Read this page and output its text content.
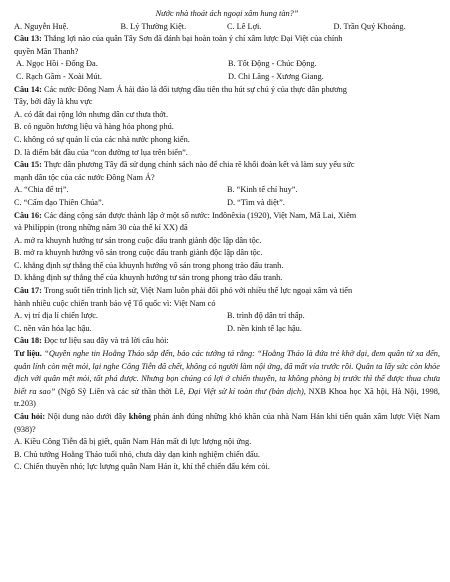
Nước nhà thoát ách ngoại xâm hung tàn?”
A. Nguyễn Huệ.	B. Lý Thường Kiệt.	C. Lê Lợi.	D. Trần Quý Khoáng.
Câu 13: Thắng lợi nào của quân Tây Sơn đã đánh bại hoàn toàn ý chí xâm lược Đại Việt của chính
quyền Mãn Thanh?
A. Ngọc Hồi - Đống Đa.	B. Tốt Động - Chúc Động.
C. Rạch Gầm - Xoài Mút.	D. Chi Lăng - Xương Giang.
Câu 14: Các nước Đông Nam Á hải đảo là đối tượng đầu tiên thu hút sự chú ý của thực dân phương
Tây, bởi đây là khu vực
A. có đất đai rộng lớn nhưng dân cư thưa thớt.
B. có nguồn hương liệu và hàng hóa phong phú.
C. không có sự quản lí của các nhà nước phong kiến.
D. là điểm bắt đầu của “con đường tơ lụa trên biển”.
Câu 15: Thực dân phương Tây đã sử dụng chính sách nào để chia rẽ khối đoàn kết và làm suy yếu sức
mạnh dân tộc của các nước Đông Nam Á?
A. “Chia để trị”.	B. “Kinh tế chỉ huy”.
C. “Cấm đạo Thiên Chúa”.	D. “Tìm và diệt”.
Câu 16: Các đảng cộng sản được thành lập ở một số nước: Inđônêxia (1920), Việt Nam, Mã Lai, Xiêm
và Philíppin (trong những năm 30 của thế kỉ XX) đã
A. mở ra khuynh hướng tư sản trong cuộc đấu tranh giành độc lập dân tộc.
B. mở ra khuynh hướng vô sản trong cuộc đấu tranh giành độc lập dân tộc.
C. khẳng định sự thắng thế của khuynh hướng vô sản trong phong trào đấu tranh.
D. khẳng định sự thắng thế của khuynh hướng tư sản trong phong trào đấu tranh.
Câu 17: Trong suốt tiến trình lịch sử, Việt Nam luôn phải đối phó với nhiều thế lực ngoại xâm và tiến
hành nhiều cuộc chiến tranh bảo vệ Tổ quốc vì: Việt Nam có
A. vị trí địa lí chiến lược.	B. trình độ dân trí thấp.
C. nền văn hóa lạc hậu.	D. nền kinh tế lạc hậu.
Câu 18: Đọc tư liệu sau đây và trả lời câu hỏi:

Tư liệu. “Quyền nghe tin Hoằng Tháo sắp đến, bảo các tướng tá rằng: “Hoằng Tháo là đứa trẻ khờ dại, đem quân từ xa đến, quân lính còn mệt mỏi, lại nghe Công Tiễn đã chết, không có người làm nội ứng, đã mất vía trước rồi. Quân ta lấy sức còn khỏe địch với quân mệt mỏi, tất phá được. Nhưng bọn chúng có lợi ở chiến thuyền, ta không phòng bị trước thì thế được thua chưa biết ra sao” (Ngô Sỹ Liên và các sử thần thời Lê, Đại Việt sử kí toàn thư (bản dịch), NXB Khoa học Xã hội, Hà Nội, 1998, tr.203)

Câu hỏi: Nội dung nào dưới đây không phản ánh đúng những khó khăn của nhà Nam Hán khi tiến quân xâm lược Việt Nam (938)?

A. Kiều Công Tiễn đã bị giết, quân Nam Hán mất đi lực lượng nội ứng.
B. Chủ tướng Hoằng Tháo tuổi nhỏ, chưa dày dạn kinh nghiệm chiến đấu.
C. Chiến thuyền nhỏ; lực lượng quân Nam Hán ít, khí thế chiến đấu kém cỏi.
